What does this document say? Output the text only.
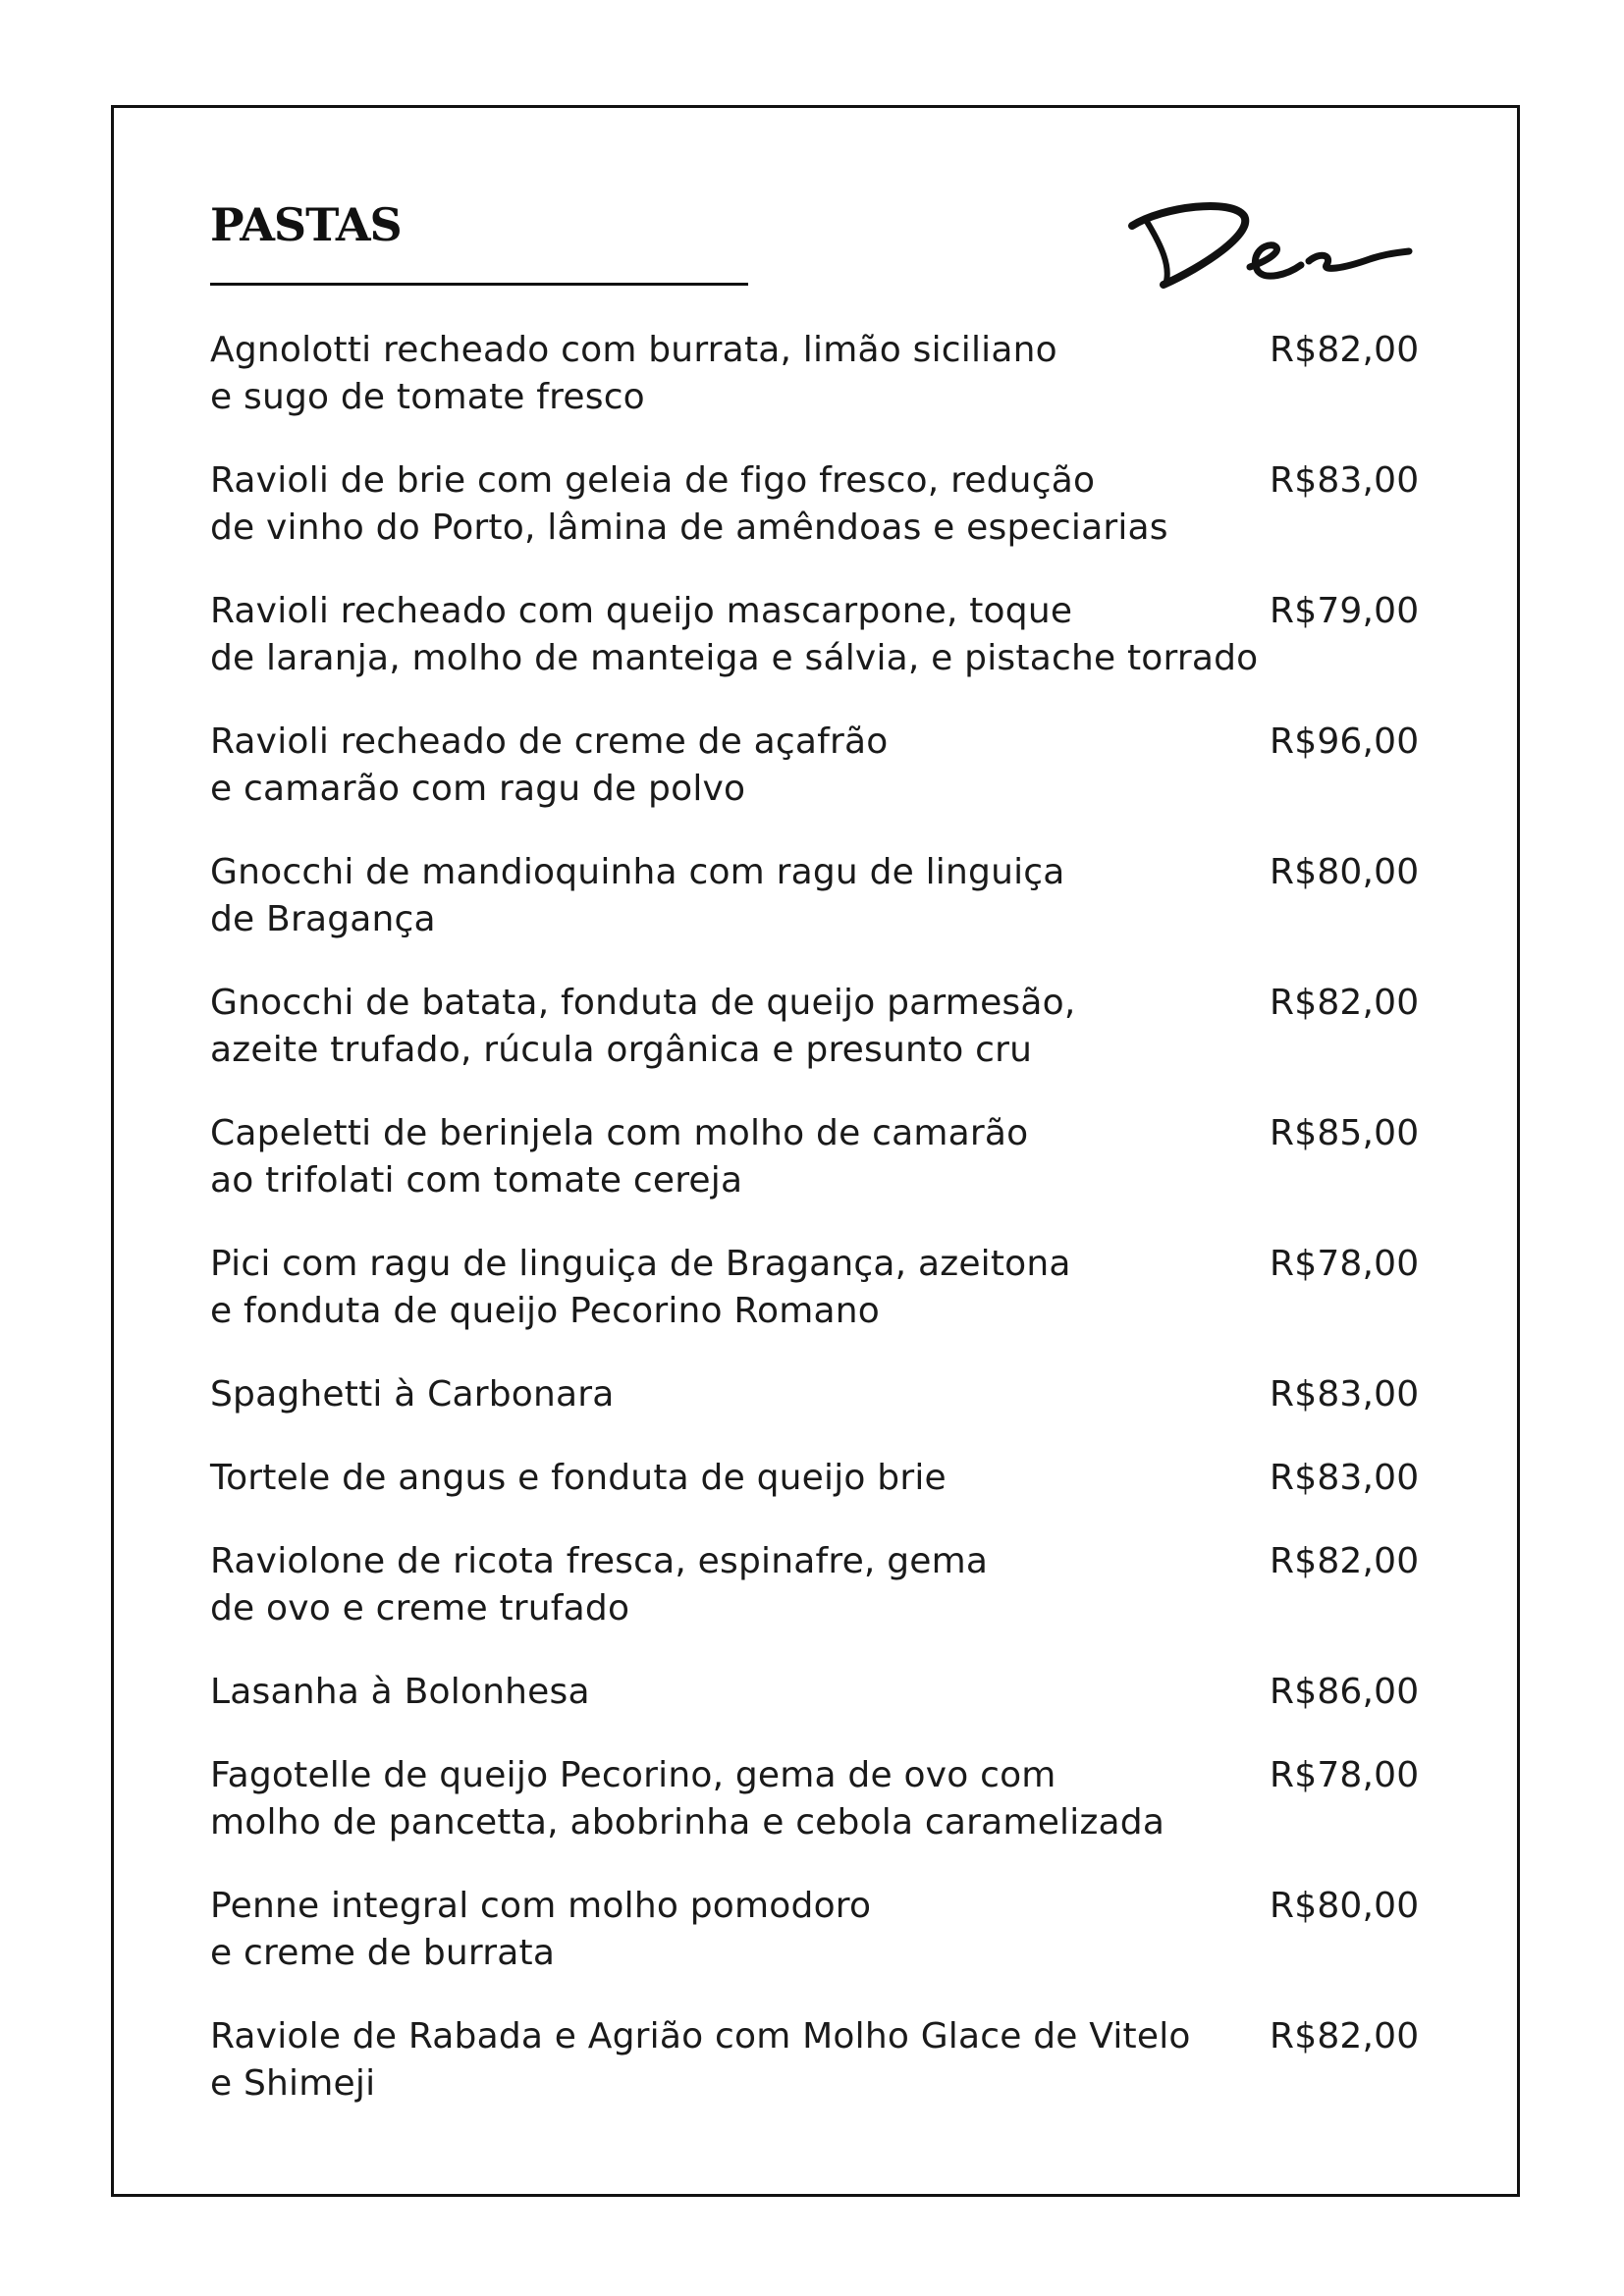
PASTAS
Agnolotti recheado com burrata, limão siciliano
e sugo de tomate fresco
R$82,00
Ravioli de brie com geleia de figo fresco, redução
de vinho do Porto, lâmina de amêndoas e especiarias
R$83,00
Ravioli recheado com queijo mascarpone, toque
de laranja, molho de manteiga e sálvia, e pistache torrado
R$79,00
Ravioli recheado de creme de açafrão
e camarão com ragu de polvo
R$96,00
Gnocchi de mandioquinha com ragu de linguiça
de Bragança
R$80,00
Gnocchi de batata, fonduta de queijo parmesão,
azeite trufado, rúcula orgânica e presunto cru
R$82,00
Capeletti de berinjela com molho de camarão
ao trifolati com tomate cereja
R$85,00
Pici com ragu de linguiça de Bragança, azeitona
e fonduta de queijo Pecorino Romano
R$78,00
Spaghetti à Carbonara	R$83,00
Tortele de angus e fonduta de queijo brie	R$83,00
Raviolone de ricota fresca, espinafre, gema
de ovo e creme trufado
R$82,00
Lasanha à Bolonhesa	R$86,00
Fagotelle de queijo Pecorino, gema de ovo com
molho de pancetta, abobrinha e cebola caramelizada
R$78,00
Penne integral com molho pomodoro
e creme de burrata
R$80,00
Raviole de Rabada e Agrião com Molho Glace de Vitelo
e Shimeji
R$82,00
